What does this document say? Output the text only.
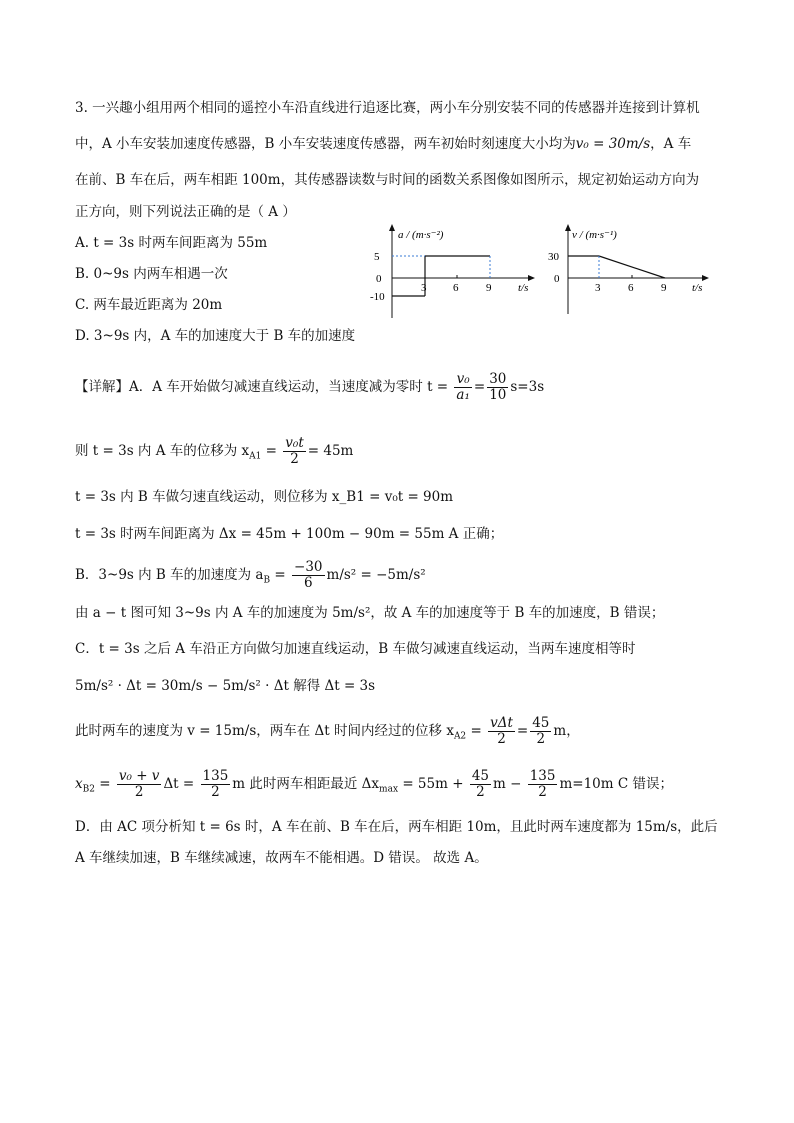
3. 一兴趣小组用两个相同的遥控小车沿直线进行追逐比赛，两小车分别安装不同的传感器并连接到计算机
中，A 小车安装加速度传感器，B 小车安装速度传感器，两车初始时刻速度大小均为v₀ = 30m/s，A 车
在前、B 车在后，两车相距 100m，其传感器读数与时间的函数关系图像如图所示，规定初始运动方向为
正方向，则下列说法正确的是（ A ）
A. t = 3s 时两车间距离为 55m
B. 0~9s 内两车相遇一次
C. 两车最近距离为 20m
D. 3~9s 内，A 车的加速度大于 B 车的加速度
a / (m·s⁻²)
5
0
-10
3 6	9 t/s
v / (m·s⁻¹)
30
0
3	6	9 t/s
【详解】A．A 车开始做匀减速直线运动，当速度减为零时 $t = \frac{\text{v₀}}{\text{a₁}} = \frac{30}{10} s=3s$
则 t = 3s 内 A 车的位移为 $x_{A1} = \frac{\text{v₀t}}{2} = 45m$
t = 3s 内 B 车做匀速直线运动，则位移为 x_B1 = v₀t = 90m
t = 3s 时两车间距离为 Δx = 45m + 100m − 90m = 55m A 正确；
B．3~9s 内 B 车的加速度为 $a_B = \frac{-30}{6} m/s^2 = -5m/s^2$
由 a − t 图可知 3~9s 内 A 车的加速度为 5m/s²，故 A 车的加速度等于 B 车的加速度，B 错误；
C．t = 3s 之后 A 车沿正方向做匀加速直线运动，B 车做匀减速直线运动，当两车速度相等时
5m/s² · Δt = 30m/s − 5m/s² · Δt 解得 Δt = 3s
此时两车的速度为 v = 15m/s，两车在 Δt 时间内经过的位移 $x_{A2} = \frac{\text{vΔt}}{2} = \frac{45}{2}$ m，
$x_{B2} = \frac{\text{v₀ + v}}{2}$ $\Delta t = \frac{135}{2}$ m 此时两车相距最近 $\Delta x_{max} = 55m + \frac{45}{2}$ $m - \frac{135}{2} m=10m$ C 错误；
D．由 AC 项分析知 t = 6s 时，A 车在前、B 车在后，两车相距 10m，且此时两车速度都为 15m/s，此后
A 车继续加速，B 车继续减速，故两车不能相遇。D 错误。 故选 A。
